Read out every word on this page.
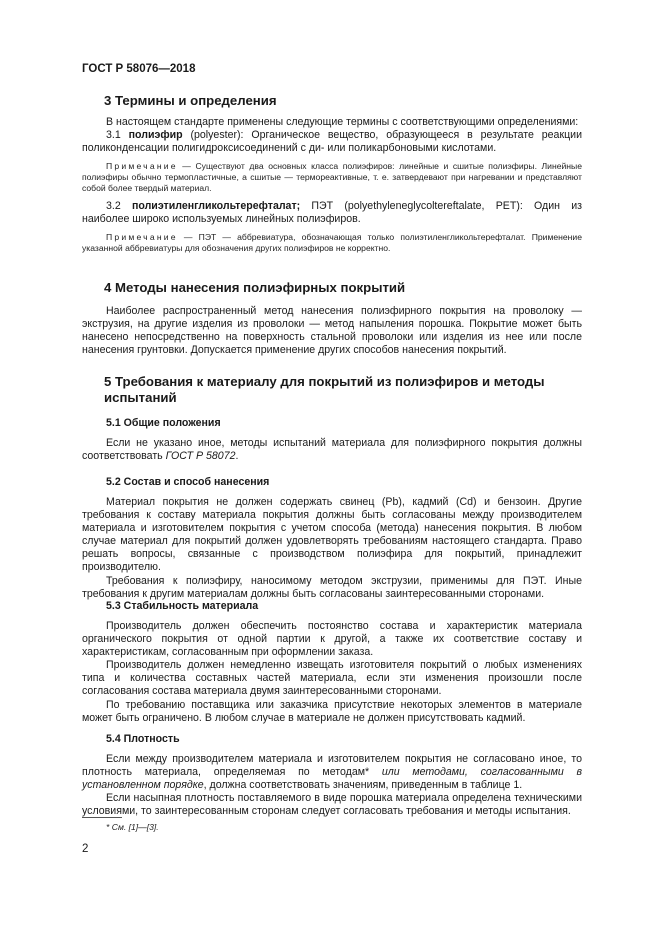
ГОСТ Р 58076—2018

3 Термины и определения

В настоящем стандарте применены следующие термины с соответствующими определениями:

3.1 полиэфир (polyester): Органическое вещество, образующееся в результате реакции поликонденсации полигидроксисоединений с ди- или поликарбоновыми кислотами.

Примечание — Существуют два основных класса полиэфиров: линейные и сшитые полиэфиры. Линейные полиэфиры обычно термопластичные, а сшитые — термореактивные, т. е. затвердевают при нагревании и представляют собой более твердый материал.

3.2 полиэтиленгликольтерефталат; ПЭТ (polyethyleneglycoltereftalate, PET): Один из наиболее широко используемых линейных полиэфиров.

Примечание — ПЭТ — аббревиатура, обозначающая только полиэтиленгликольтерефталат. Применение указанной аббревиатуры для обозначения других полиэфиров не корректно.

4 Методы нанесения полиэфирных покрытий

Наиболее распространенный метод нанесения полиэфирного покрытия на проволоку — экструзия, на другие изделия из проволоки — метод напыления порошка. Покрытие может быть нанесено непосредственно на поверхность стальной проволоки или изделия из нее или после нанесения грунтовки. Допускается применение других способов нанесения покрытий.

5 Требования к материалу для покрытий из полиэфиров и методы испытаний

5.1 Общие положения

Если не указано иное, методы испытаний материала для полиэфирного покрытия должны соответствовать ГОСТ Р 58072.

5.2 Состав и способ нанесения

Материал покрытия не должен содержать свинец (Pb), кадмий (Cd) и бензоин. Другие требования к составу материала покрытия должны быть согласованы между производителем материала и изготовителем покрытия с учетом способа (метода) нанесения покрытия. В любом случае материал для покрытий должен удовлетворять требованиям настоящего стандарта. Право решать вопросы, связанные с производством полиэфира для покрытий, принадлежит производителю.

Требования к полиэфиру, наносимому методом экструзии, применимы для ПЭТ. Иные требования к другим материалам должны быть согласованы заинтересованными сторонами.

5.3 Стабильность материала

Производитель должен обеспечить постоянство состава и характеристик материала органического покрытия от одной партии к другой, а также их соответствие составу и характеристикам, согласованным при оформлении заказа.

Производитель должен немедленно извещать изготовителя покрытий о любых изменениях типа и количества составных частей материала, если эти изменения произошли после согласования состава материала двумя заинтересованными сторонами.

По требованию поставщика или заказчика присутствие некоторых элементов в материале может быть ограничено. В любом случае в материале не должен присутствовать кадмий.

5.4 Плотность

Если между производителем материала и изготовителем покрытия не согласовано иное, то плотность материала, определяемая по методам* или методами, согласованными в установленном порядке, должна соответствовать значениям, приведенным в таблице 1.

Если насыпная плотность поставляемого в виде порошка материала определена техническими условиями, то заинтересованным сторонам следует согласовать требования и методы испытания.

* См. [1]—[3].
2
